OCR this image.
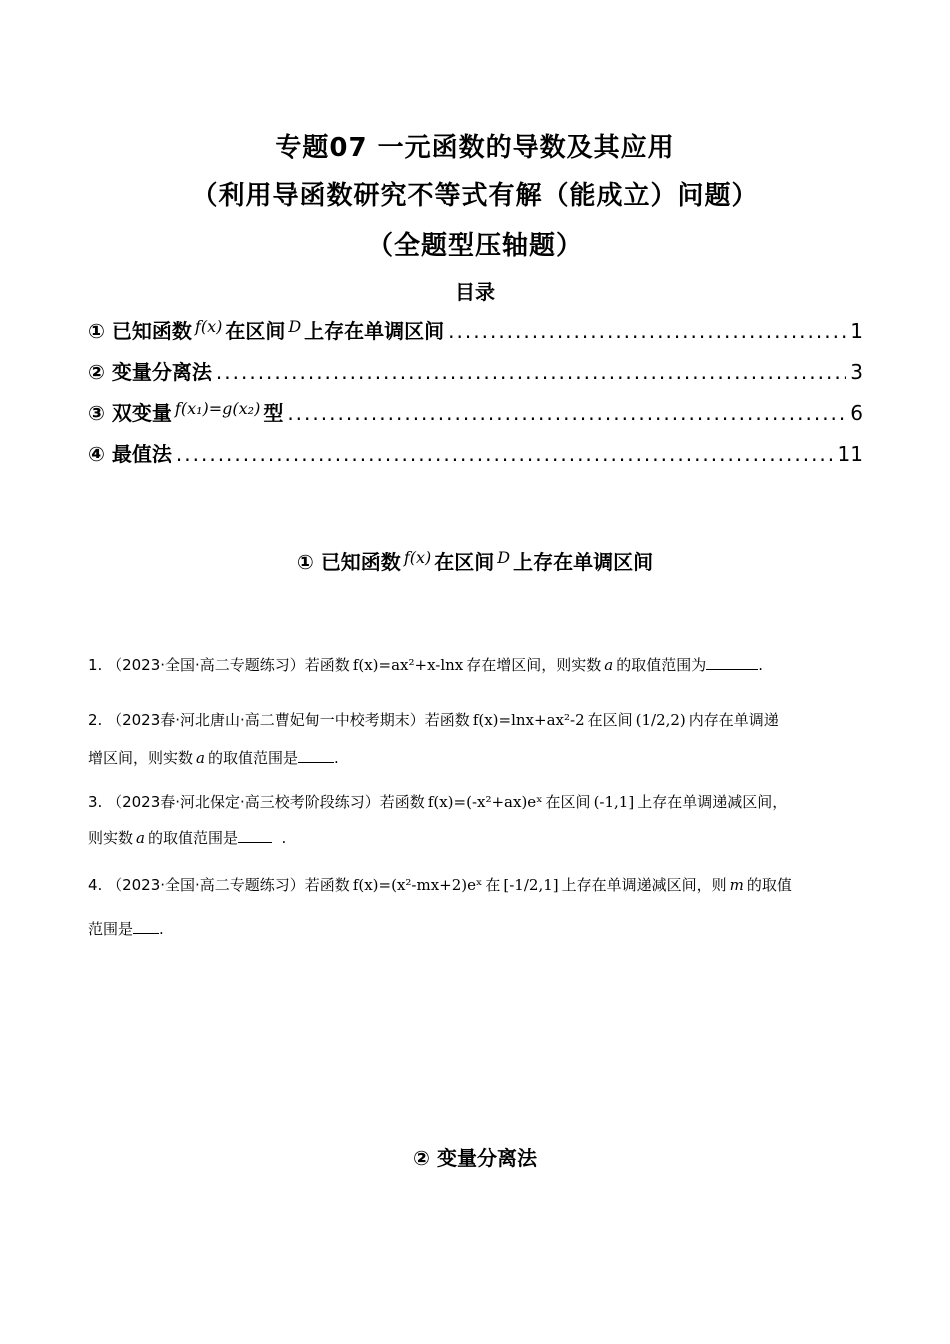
专题07 一元函数的导数及其应用
（利用导函数研究不等式有解（能成立）问题）
（全题型压轴题）
目录
① 已知函数 $^{f(x)}$ 在区间 $^D$ 上存在单调区间 .....	1
② 变量分离法 .....	3
③ 双变量 $^{f(x_1)=g(x_2)}$ 型 .....	6
④ 最值法 .....	11
① 已知函数 $^{f(x)}$ 在区间 $^D$ 上存在单调区间
1. （2023·全国·高二专题练习）若函数 f(x)=ax²+x-lnx 存在增区间，则实数 a 的取值范围为	.
2. （2023春·河北唐山·高二曹妃甸一中校考期末）若函数 f(x)=lnx+ax²-2 在区间 (1/2,2) 内存在单调递
增区间，则实数 a 的取值范围是 .
3. （2023春·河北保定·高三校考阶段练习）若函数 f(x)=(-x²+ax)eˣ 在区间 (-1,1] 上存在单调递减区间，
则实数 a 的取值范围是	.
4. （2023·全国·高二专题练习）若函数 f(x)=(x²-mx+2)eˣ 在 [-1/2,1] 上存在单调递减区间，则 m 的取值
范围是 .
② 变量分离法
